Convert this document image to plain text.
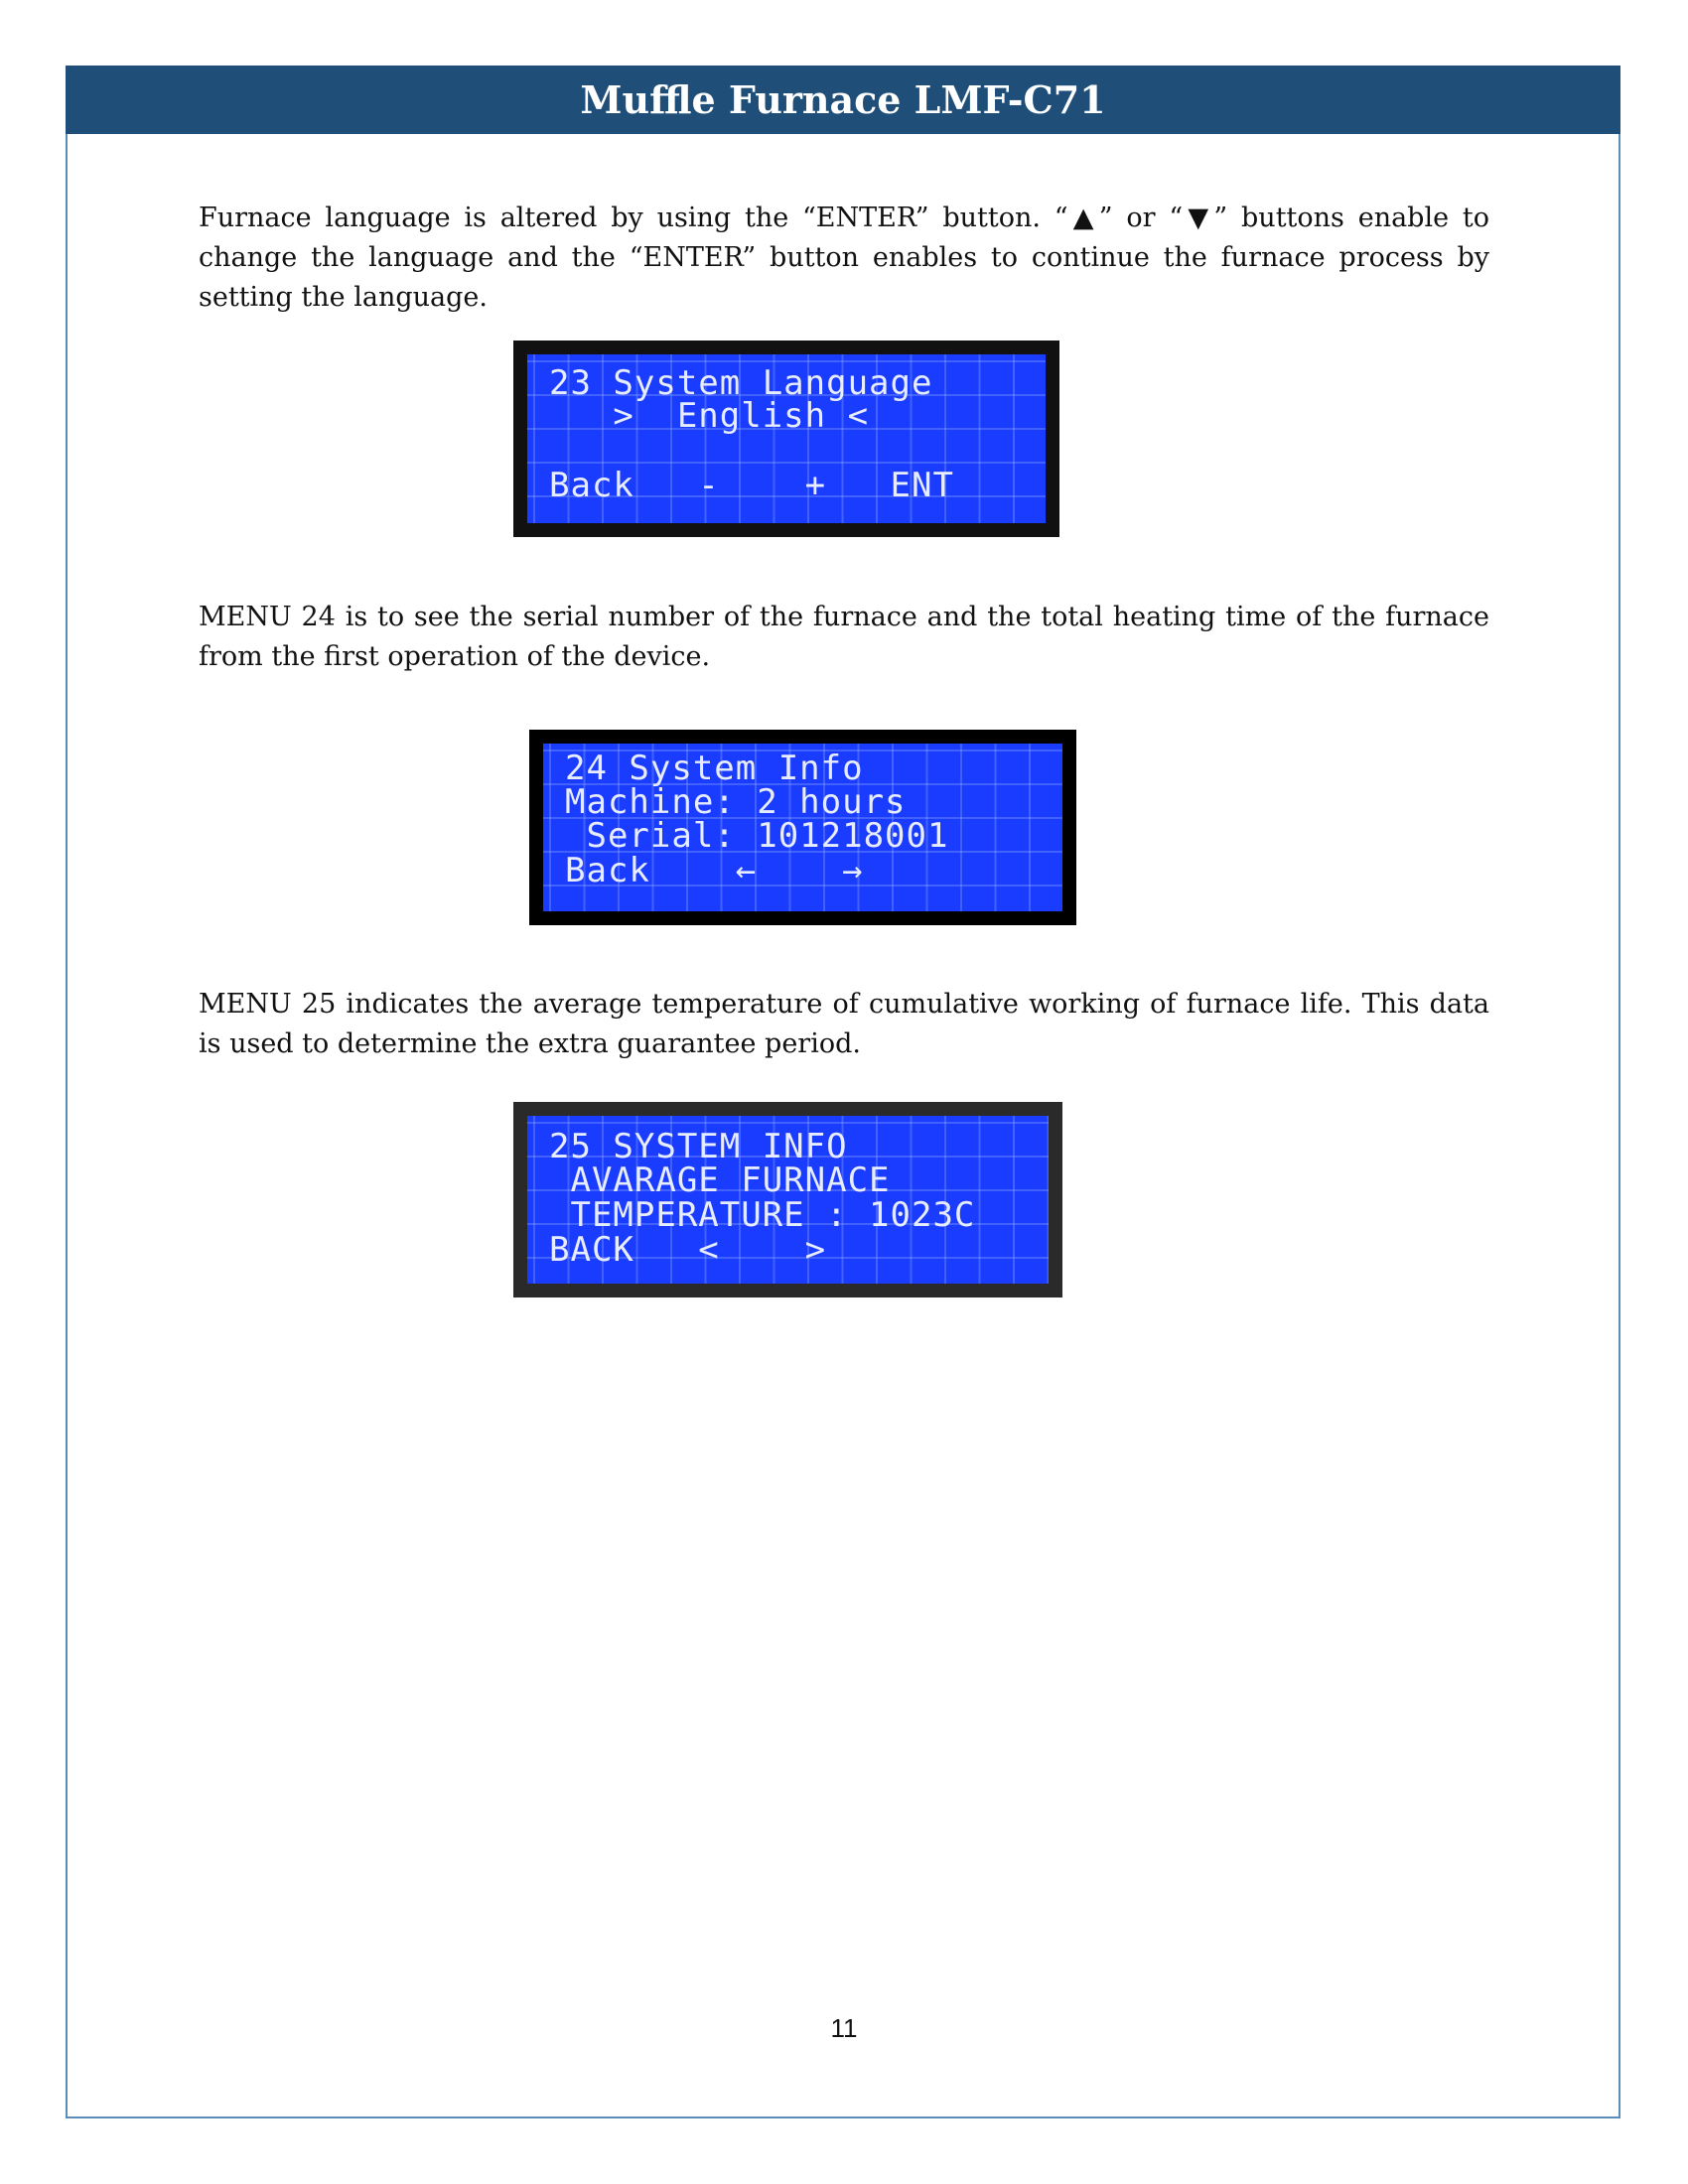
Muffle Furnace LMF-C71

Furnace language is altered by using the “ENTER” button. “▲” or “▼” buttons enable to change the language and the “ENTER” button enables to continue the furnace process by setting the language.

23 System Language
>  English <
Back   -    +   ENT

MENU 24 is to see the serial number of the furnace and the total heating time of the furnace from the first operation of the device.

24 System Info
Machine: 2 hours
Serial: 101218001
Back    ←    →

MENU 25 indicates the average temperature of cumulative working of furnace life. This data is used to determine the extra guarantee period.

25 SYSTEM INFO
AVARAGE FURNACE
TEMPERATURE : 1023C
BACK   <    >
11
